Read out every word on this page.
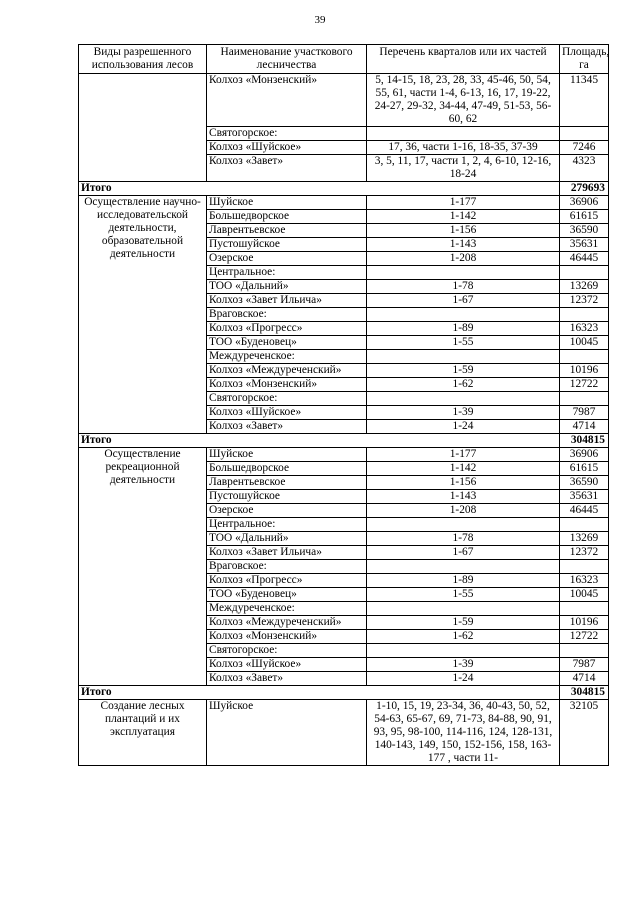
39
Виды разрешенного использования лесов	Наименование участкового лесничества	Перечень кварталов или их частей	Площадь, га
	Колхоз «Монзенский»	5, 14-15, 18, 23, 28, 33, 45-46, 50, 54, 55, 61, части 1-4, 6-13, 16, 17, 19-22, 24-27, 29-32, 34-44, 47-49, 51-53, 56-60, 62	11345
	Святогорское:		
	Колхоз «Шуйское»	17, 36, части 1-16, 18-35, 37-39	7246
	Колхоз «Завет»	3, 5, 11, 17, части 1, 2, 4, 6-10, 12-16, 18-24	4323
Итого			279693
Осуществление научно-исследовательской деятельности, образовательной деятельности	Шуйское	1-177	36906
	Большедворское	1-142	61615
	Лаврентьевское	1-156	36590
	Пустошуйское	1-143	35631
	Озерское	1-208	46445
	Центральное:		
	ТОО «Дальний»	1-78	13269
	Колхоз «Завет Ильича»	1-67	12372
	Враговское:		
	Колхоз «Прогресс»	1-89	16323
	ТОО «Буденовец»	1-55	10045
	Междуреченское:		
	Колхоз «Междуреченский»	1-59	10196
	Колхоз «Монзенский»	1-62	12722
	Святогорское:		
	Колхоз «Шуйское»	1-39	7987
	Колхоз «Завет»	1-24	4714
Итого			304815
Осуществление рекреационной деятельности	Шуйское	1-177	36906
	Большедворское	1-142	61615
	Лаврентьевское	1-156	36590
	Пустошуйское	1-143	35631
	Озерское	1-208	46445
	Центральное:		
	ТОО «Дальний»	1-78	13269
	Колхоз «Завет Ильича»	1-67	12372
	Враговское:		
	Колхоз «Прогресс»	1-89	16323
	ТОО «Буденовец»	1-55	10045
	Междуреченское:		
	Колхоз «Междуреченский»	1-59	10196
	Колхоз «Монзенский»	1-62	12722
	Святогорское:		
	Колхоз «Шуйское»	1-39	7987
	Колхоз «Завет»	1-24	4714
Итого			304815
Создание лесных плантаций и их эксплуатация	Шуйское	1-10, 15, 19, 23-34, 36, 40-43, 50, 52, 54-63, 65-67, 69, 71-73, 84-88, 90, 91, 93, 95, 98-100, 114-116, 124, 128-131, 140-143, 149, 150, 152-156, 158, 163-177 , части 11-	32105
